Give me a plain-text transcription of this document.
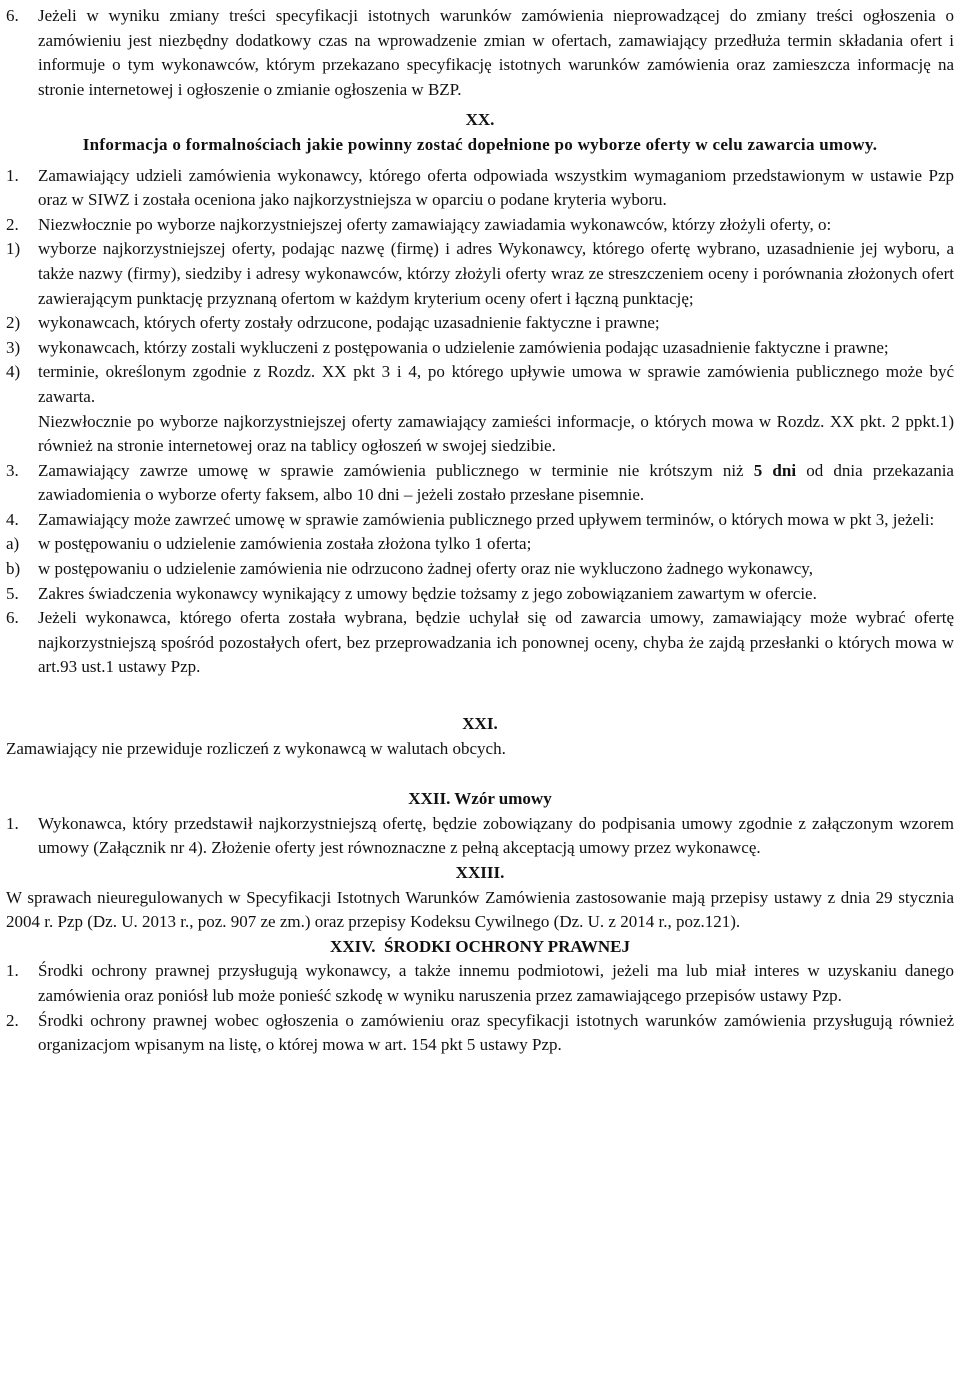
6.	Jeżeli w wyniku zmiany treści specyfikacji istotnych warunków zamówienia nieprowadzącej do zmiany treści ogłoszenia o zamówieniu jest niezbędny dodatkowy czas na wprowadzenie zmian w ofertach, zamawiający przedłuża termin składania ofert i informuje o tym wykonawców, którym przekazano specyfikację istotnych warunków zamówienia oraz zamieszcza informację na stronie internetowej i ogłoszenie o zmianie ogłoszenia w BZP.
XX.
Informacja o formalnościach jakie powinny zostać dopełnione po wyborze oferty w celu zawarcia umowy.
1.	Zamawiający udzieli zamówienia wykonawcy, którego oferta odpowiada wszystkim wymaganiom przedstawionym w ustawie Pzp oraz w SIWZ i została oceniona jako najkorzystniejsza w oparciu o podane kryteria wyboru.
2.	Niezwłocznie po wyborze najkorzystniejszej oferty zamawiający zawiadamia wykonawców, którzy złożyli oferty, o:
1)	wyborze najkorzystniejszej oferty, podając nazwę (firmę) i adres Wykonawcy, którego ofertę wybrano, uzasadnienie jej wyboru, a także nazwy (firmy), siedziby i adresy wykonawców, którzy złożyli oferty wraz ze streszczeniem oceny i porównania złożonych ofert zawierającym punktację przyznaną ofertom w każdym kryterium oceny ofert i łączną punktację;
2)	wykonawcach, których oferty zostały odrzucone, podając uzasadnienie faktyczne i prawne;
3)	wykonawcach, którzy zostali wykluczeni z postępowania o udzielenie zamówienia podając uzasadnienie faktyczne i prawne;
4)	terminie, określonym zgodnie z Rozdz. XX pkt 3 i 4, po którego upływie umowa w sprawie zamówienia publicznego może być zawarta.
Niezwłocznie po wyborze najkorzystniejszej oferty zamawiający zamieści informacje, o których mowa w Rozdz. XX pkt. 2 ppkt.1) również na stronie internetowej oraz na tablicy ogłoszeń w swojej siedzibie.
3.	Zamawiający zawrze umowę w sprawie zamówienia publicznego w terminie nie krótszym niż 5 dni od dnia przekazania zawiadomienia o wyborze oferty faksem, albo 10 dni – jeżeli zostało przesłane pisemnie.
4.	Zamawiający może zawrzeć umowę w sprawie zamówienia publicznego przed upływem terminów, o których mowa w pkt 3, jeżeli:
a)	w postępowaniu o udzielenie zamówienia została złożona tylko 1 oferta;
b)	w postępowaniu o udzielenie zamówienia nie odrzucono żadnej oferty oraz nie wykluczono żadnego wykonawcy,
5.	Zakres świadczenia wykonawcy wynikający z umowy będzie tożsamy z jego zobowiązaniem zawartym w ofercie.
6.	Jeżeli wykonawca, którego oferta została wybrana, będzie uchylał się od zawarcia umowy, zamawiający może wybrać ofertę najkorzystniejszą spośród pozostałych ofert, bez przeprowadzania ich ponownej oceny, chyba że zajdą przesłanki o których mowa w art.93 ust.1 ustawy Pzp.
XXI.
Zamawiający nie przewiduje rozliczeń z wykonawcą w walutach obcych.
XXII. Wzór umowy
1.	Wykonawca, który przedstawił najkorzystniejszą ofertę, będzie zobowiązany do podpisania umowy zgodnie z załączonym wzorem umowy (Załącznik nr 4). Złożenie oferty jest równoznaczne z pełną akceptacją umowy przez wykonawcę.
XXIII.
W sprawach nieuregulowanych w Specyfikacji Istotnych Warunków Zamówienia zastosowanie mają przepisy ustawy z dnia 29 stycznia 2004 r. Pzp (Dz. U. 2013 r., poz. 907 ze zm.) oraz przepisy Kodeksu Cywilnego (Dz. U. z 2014 r., poz.121).
XXIV.  ŚRODKI OCHRONY PRAWNEJ
1.	Środki ochrony prawnej przysługują wykonawcy, a także innemu podmiotowi, jeżeli ma lub miał interes w uzyskaniu danego zamówienia oraz poniósł lub może ponieść szkodę w wyniku naruszenia przez zamawiającego przepisów ustawy Pzp.
2.	Środki ochrony prawnej wobec ogłoszenia o zamówieniu oraz specyfikacji istotnych warunków zamówienia przysługują również organizacjom wpisanym na listę, o której mowa w art. 154 pkt 5 ustawy Pzp.
